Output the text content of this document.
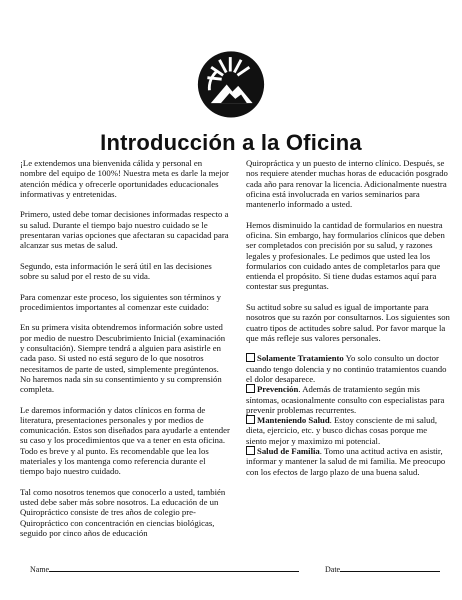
Introducción a la Oficina

¡Le extendemos una bienvenida cálida y personal en nombre del equipo de 100%! Nuestra meta es darle la mejor atención médica y ofrecerle oportunidades educacionales informativas y entretenidas.

Primero, usted debe tomar decisiones informadas respecto a su salud. Durante el tiempo bajo nuestro cuidado se le presentaran varias opciones que afectaran su capacidad para alcanzar sus metas de salud.

Segundo, esta información le será útil en las decisiones sobre su salud por el resto de su vida.

Para comenzar este proceso, los siguientes son términos y procedimientos importantes al comenzar este cuidado:

En su primera visita obtendremos información sobre usted por medio de nuestro Descubrimiento Inicial (examinación y consultación). Siempre tendrá a alguien para asistirle en cada paso. Si usted no está seguro de lo que nosotros necesitamos de parte de usted, simplemente pregúntenos. No haremos nada sin su consentimiento y su comprensión completa.

Le daremos información y datos clínicos en forma de literatura, presentaciones personales y por medios de comunicación. Estos son diseñados para ayudarle a entender su caso y los procedimientos que va a tener en esta oficina. Todo es breve y al punto. Es recomendable que lea los materiales y los mantenga como referencia durante el tiempo bajo nuestro cuidado.

Tal como nosotros tenemos que conocerlo a usted, también usted debe saber más sobre nosotros. La educación de un Quiropráctico consiste de tres años de colegio pre-Quiropráctico con concentración en ciencias biológicas, seguido por cinco años de educación

Quiropráctica y un puesto de interno clínico. Después, se nos requiere atender muchas horas de educación posgrado cada año para renovar la licencia. Adicionalmente nuestra oficina está involucrada en varios seminarios para mantenerlo informado a usted.

Hemos disminuido la cantidad de formularios en nuestra oficina. Sin embargo, hay formularios clínicos que deben ser completados con precisión por su salud, y razones legales y profesionales. Le pedimos que usted lea los formularios con cuidado antes de completarlos para que entienda el propósito. Si tiene dudas estamos aquí para contestar sus preguntas.

Su actitud sobre su salud es igual de importante para nosotros que su razón por consultarnos. Los siguientes son cuatro tipos de actitudes sobre salud. Por favor marque la que más refleje sus valores personales.

Solamente Tratamiento Yo solo consulto un doctor cuando tengo dolencia y no continúo tratamientos cuando el dolor desaparece.

Prevención. Además de tratamiento según mis síntomas, ocasionalmente consulto con especialistas para prevenir problemas recurrentes.

Manteniendo Salud. Estoy consciente de mi salud, dieta, ejercicio, etc. y busco dichas cosas porque me siento mejor y maximizo mi potencial.

Salud de Familia. Tomo una actitud activa en asistir, informar y mantener la salud de mi familia. Me preocupo con los efectos de largo plazo de una buena salud.

Name	Date
